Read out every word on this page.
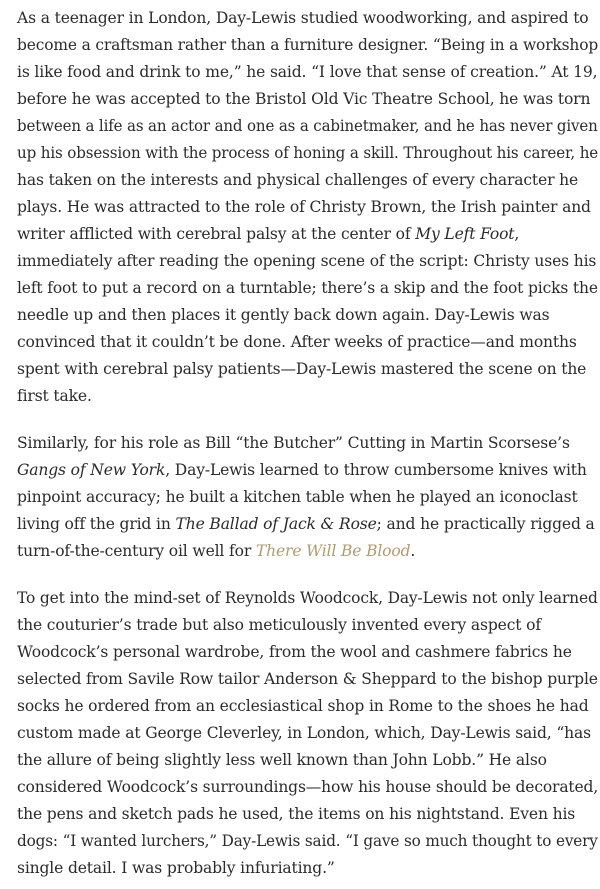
As a teenager in London, Day-Lewis studied woodworking, and aspired to
become a craftsman rather than a furniture designer. “Being in a workshop
is like food and drink to me,” he said. “I love that sense of creation.” At 19,
before he was accepted to the Bristol Old Vic Theatre School, he was torn
between a life as an actor and one as a cabinetmaker, and he has never given
up his obsession with the process of honing a skill. Throughout his career, he
has taken on the interests and physical challenges of every character he
plays. He was attracted to the role of Christy Brown, the Irish painter and
writer afflicted with cerebral palsy at the center of My Left Foot,
immediately after reading the opening scene of the script: Christy uses his
left foot to put a record on a turntable; there’s a skip and the foot picks the
needle up and then places it gently back down again. Day-Lewis was
convinced that it couldn’t be done. After weeks of practice—and months
spent with cerebral palsy patients—Day-Lewis mastered the scene on the
first take.
Similarly, for his role as Bill “the Butcher” Cutting in Martin Scorsese’s
Gangs of New York, Day-Lewis learned to throw cumbersome knives with
pinpoint accuracy; he built a kitchen table when he played an iconoclast
living off the grid in The Ballad of Jack & Rose; and he practically rigged a
turn-of-the-century oil well for There Will Be Blood.
To get into the mind-set of Reynolds Woodcock, Day-Lewis not only learned
the couturier’s trade but also meticulously invented every aspect of
Woodcock’s personal wardrobe, from the wool and cashmere fabrics he
selected from Savile Row tailor Anderson & Sheppard to the bishop purple
socks he ordered from an ecclesiastical shop in Rome to the shoes he had
custom made at George Cleverley, in London, which, Day-Lewis said, “has
the allure of being slightly less well known than John Lobb.” He also
considered Woodcock’s surroundings—how his house should be decorated,
the pens and sketch pads he used, the items on his nightstand. Even his
dogs: “I wanted lurchers,” Day-Lewis said. “I gave so much thought to every
single detail. I was probably infuriating.”
